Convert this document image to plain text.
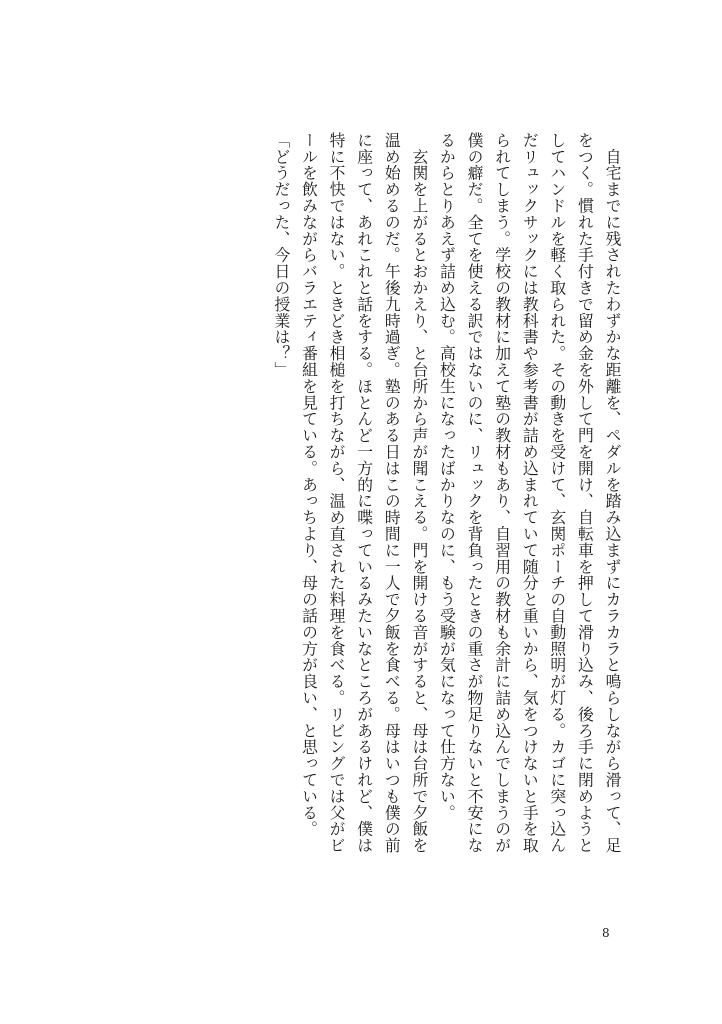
　自宅までに残されたわずかな距離を、ペダルを踏み込まずにカラカラと鳴らしながら滑って、足をつく。慣れた手付きで留め金を外して門を開け、自転車を押して滑り込み、後ろ手に閉めようとしてハンドルを軽く取られた。その動きを受けて、玄関ポーチの自動照明が灯る。カゴに突っ込んだリュックサックには教科書や参考書が詰め込まれていて随分と重いから、気をつけないと手を取られてしまう。学校の教材に加えて塾の教材もあり、自習用の教材も余計に詰め込んでしまうのが僕の癖だ。全てを使える訳ではないのに、リュックを背負ったときの重さが物足りないと不安になるからとりあえず詰め込む。高校生になったばかりなのに、もう受験が気になって仕方ない。

　玄関を上がるとおかえり、と台所から声が聞こえる。門を開ける音がすると、母は台所で夕飯を温め始めるのだ。午後九時過ぎ。塾のある日はこの時間に一人で夕飯を食べる。母はいつも僕の前に座って、あれこれと話をする。ほとんど一方的に喋っているみたいなところがあるけれど、僕は特に不快ではない。ときどき相槌を打ちながら、温め直された料理を食べる。リビングでは父がビールを飲みながらバラエティ番組を見ている。あっちより、母の話の方が良い、と思っている。

「どうだった、今日の授業は？」

8
